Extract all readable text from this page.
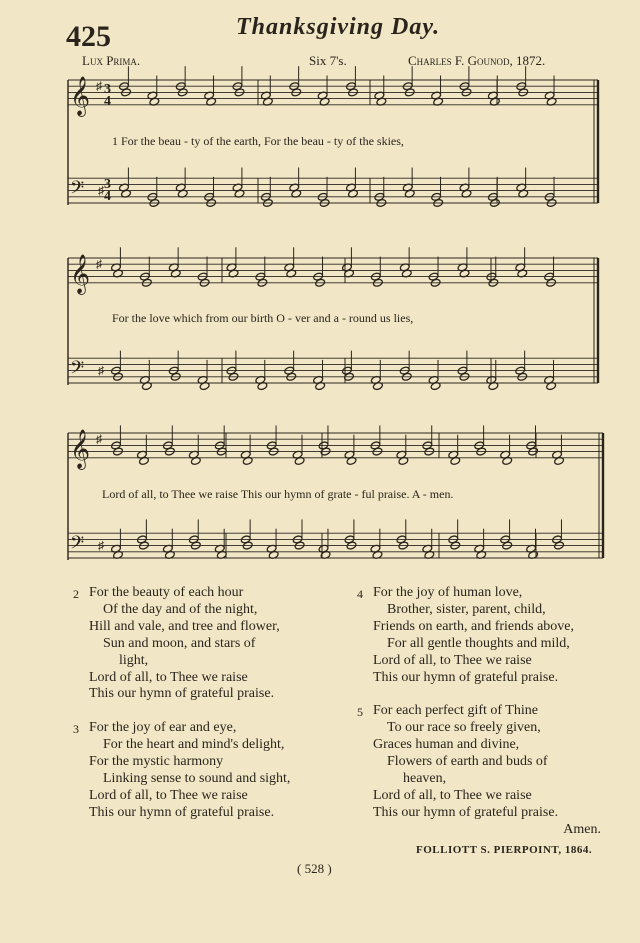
425	Thanksgiving Day.
Lux Prima.	Six 7's.	Charles F. Gounod, 1872.
𝄞 ♯
𝄢 ♯
𝄞 ♯
𝄢 ♯
𝄞 ♯
𝄢 ♯
3
3
4
4
1 For the beau - ty of the earth, For the beau - ty of the skies,
For the love which from our birth O - ver and a - round us lies,
Lord of all, to Thee we raise This our hymn of grate - ful praise. A - men.
2 For the beauty of each hour
Of the day and of the night,
Hill and vale, and tree and flower,
Sun and moon, and stars of
light,
Lord of all, to Thee we raise
This our hymn of grateful praise.
3 For the joy of ear and eye,
For the heart and mind's delight,
For the mystic harmony
Linking sense to sound and sight,
Lord of all, to Thee we raise
This our hymn of grateful praise.
4 For the joy of human love,
Brother, sister, parent, child,
Friends on earth, and friends above,
For all gentle thoughts and mild,
Lord of all, to Thee we raise
This our hymn of grateful praise.
5 For each perfect gift of Thine
To our race so freely given,
Graces human and divine,
Flowers of earth and buds of
heaven,
Lord of all, to Thee we raise
This our hymn of grateful praise.
Amen.
FOLLIOTT S. PIERPOINT, 1864.
( 528 )
